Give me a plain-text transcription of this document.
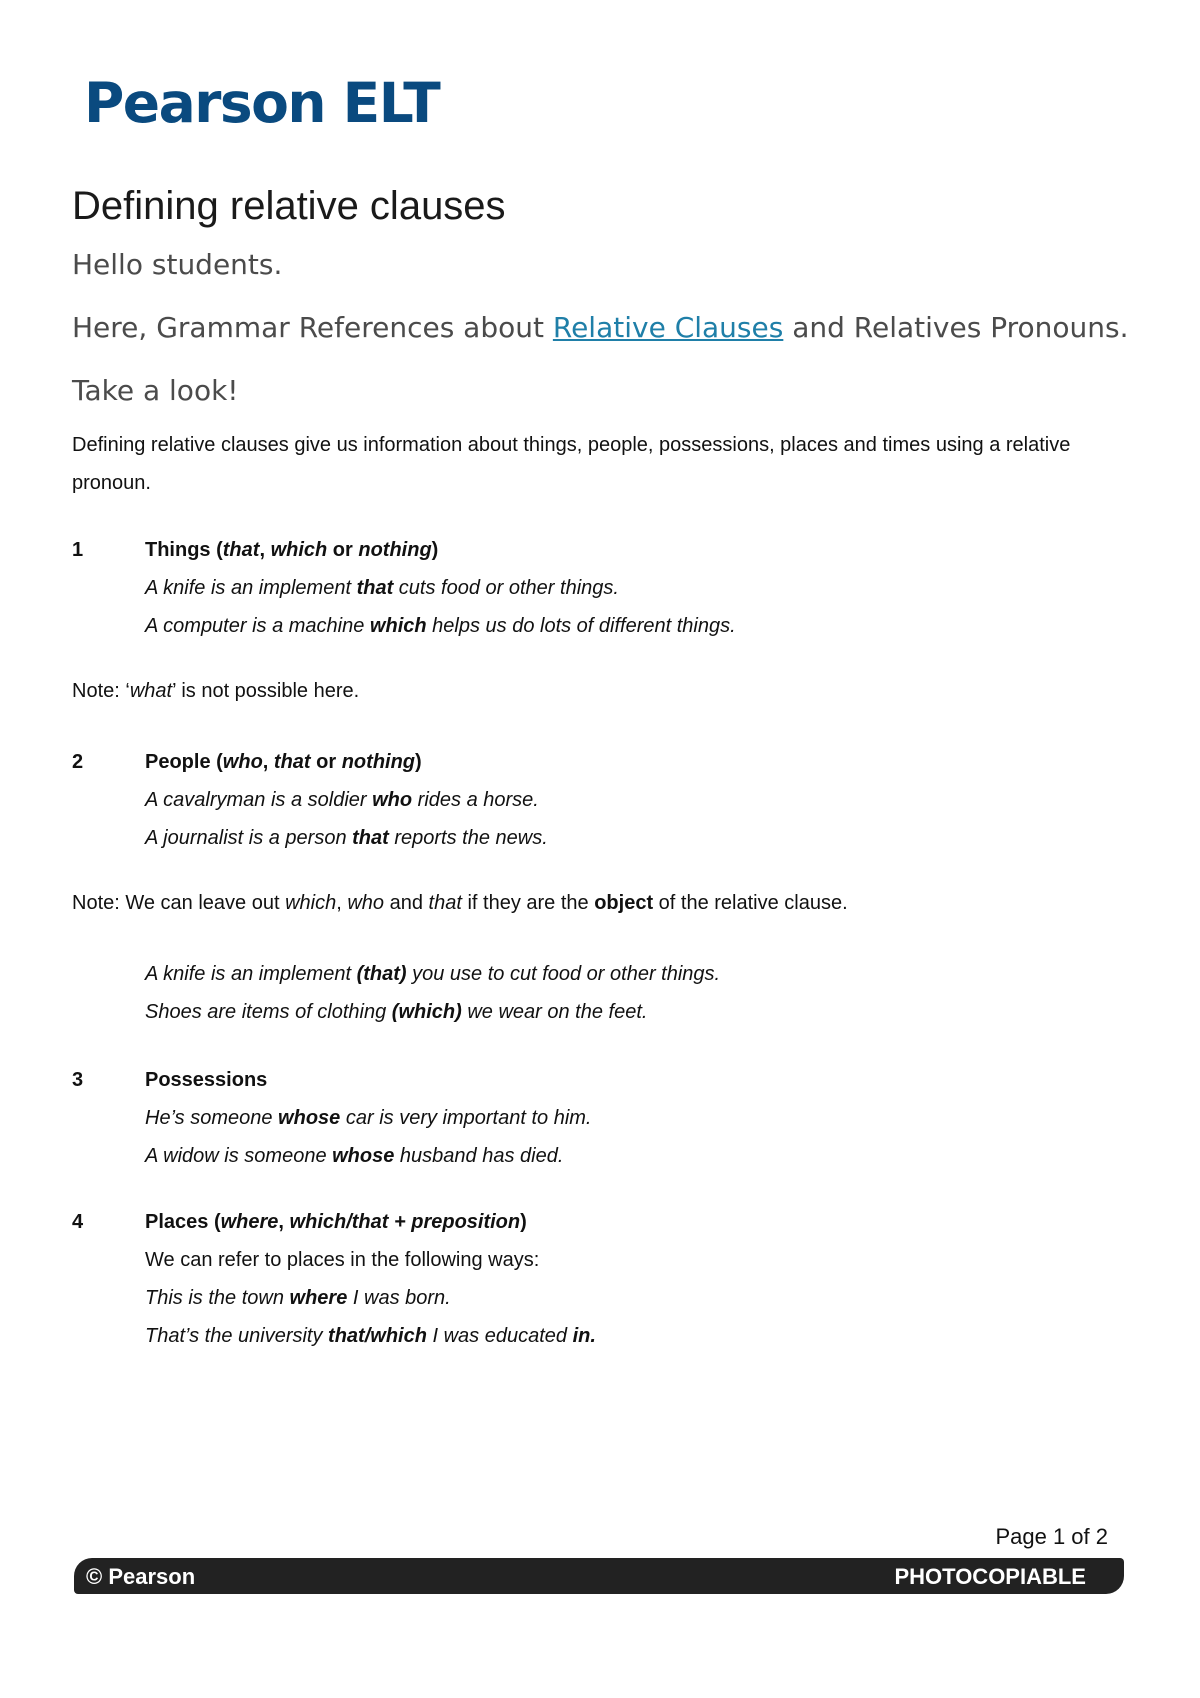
Pearson ELT
Defining relative clauses
Hello students.
Here, Grammar References about Relative Clauses and Relatives Pronouns.
Take a look!
Defining relative clauses give us information about things, people, possessions, places and times using a relative pronoun.
1	Things (that, which or nothing)
A knife is an implement that cuts food or other things.
A computer is a machine which helps us do lots of different things.
Note: ‘what’ is not possible here.
2	People (who, that or nothing)
A cavalryman is a soldier who rides a horse.
A journalist is a person that reports the news.
Note: We can leave out which, who and that if they are the object of the relative clause.
A knife is an implement (that) you use to cut food or other things.
Shoes are items of clothing (which) we wear on the feet.
3	Possessions
He’s someone whose car is very important to him.
A widow is someone whose husband has died.
4	Places (where, which/that + preposition)
We can refer to places in the following ways:
This is the town where I was born.
That’s the university that/which I was educated in.
Page 1 of 2
© Pearson	PHOTOCOPIABLE
